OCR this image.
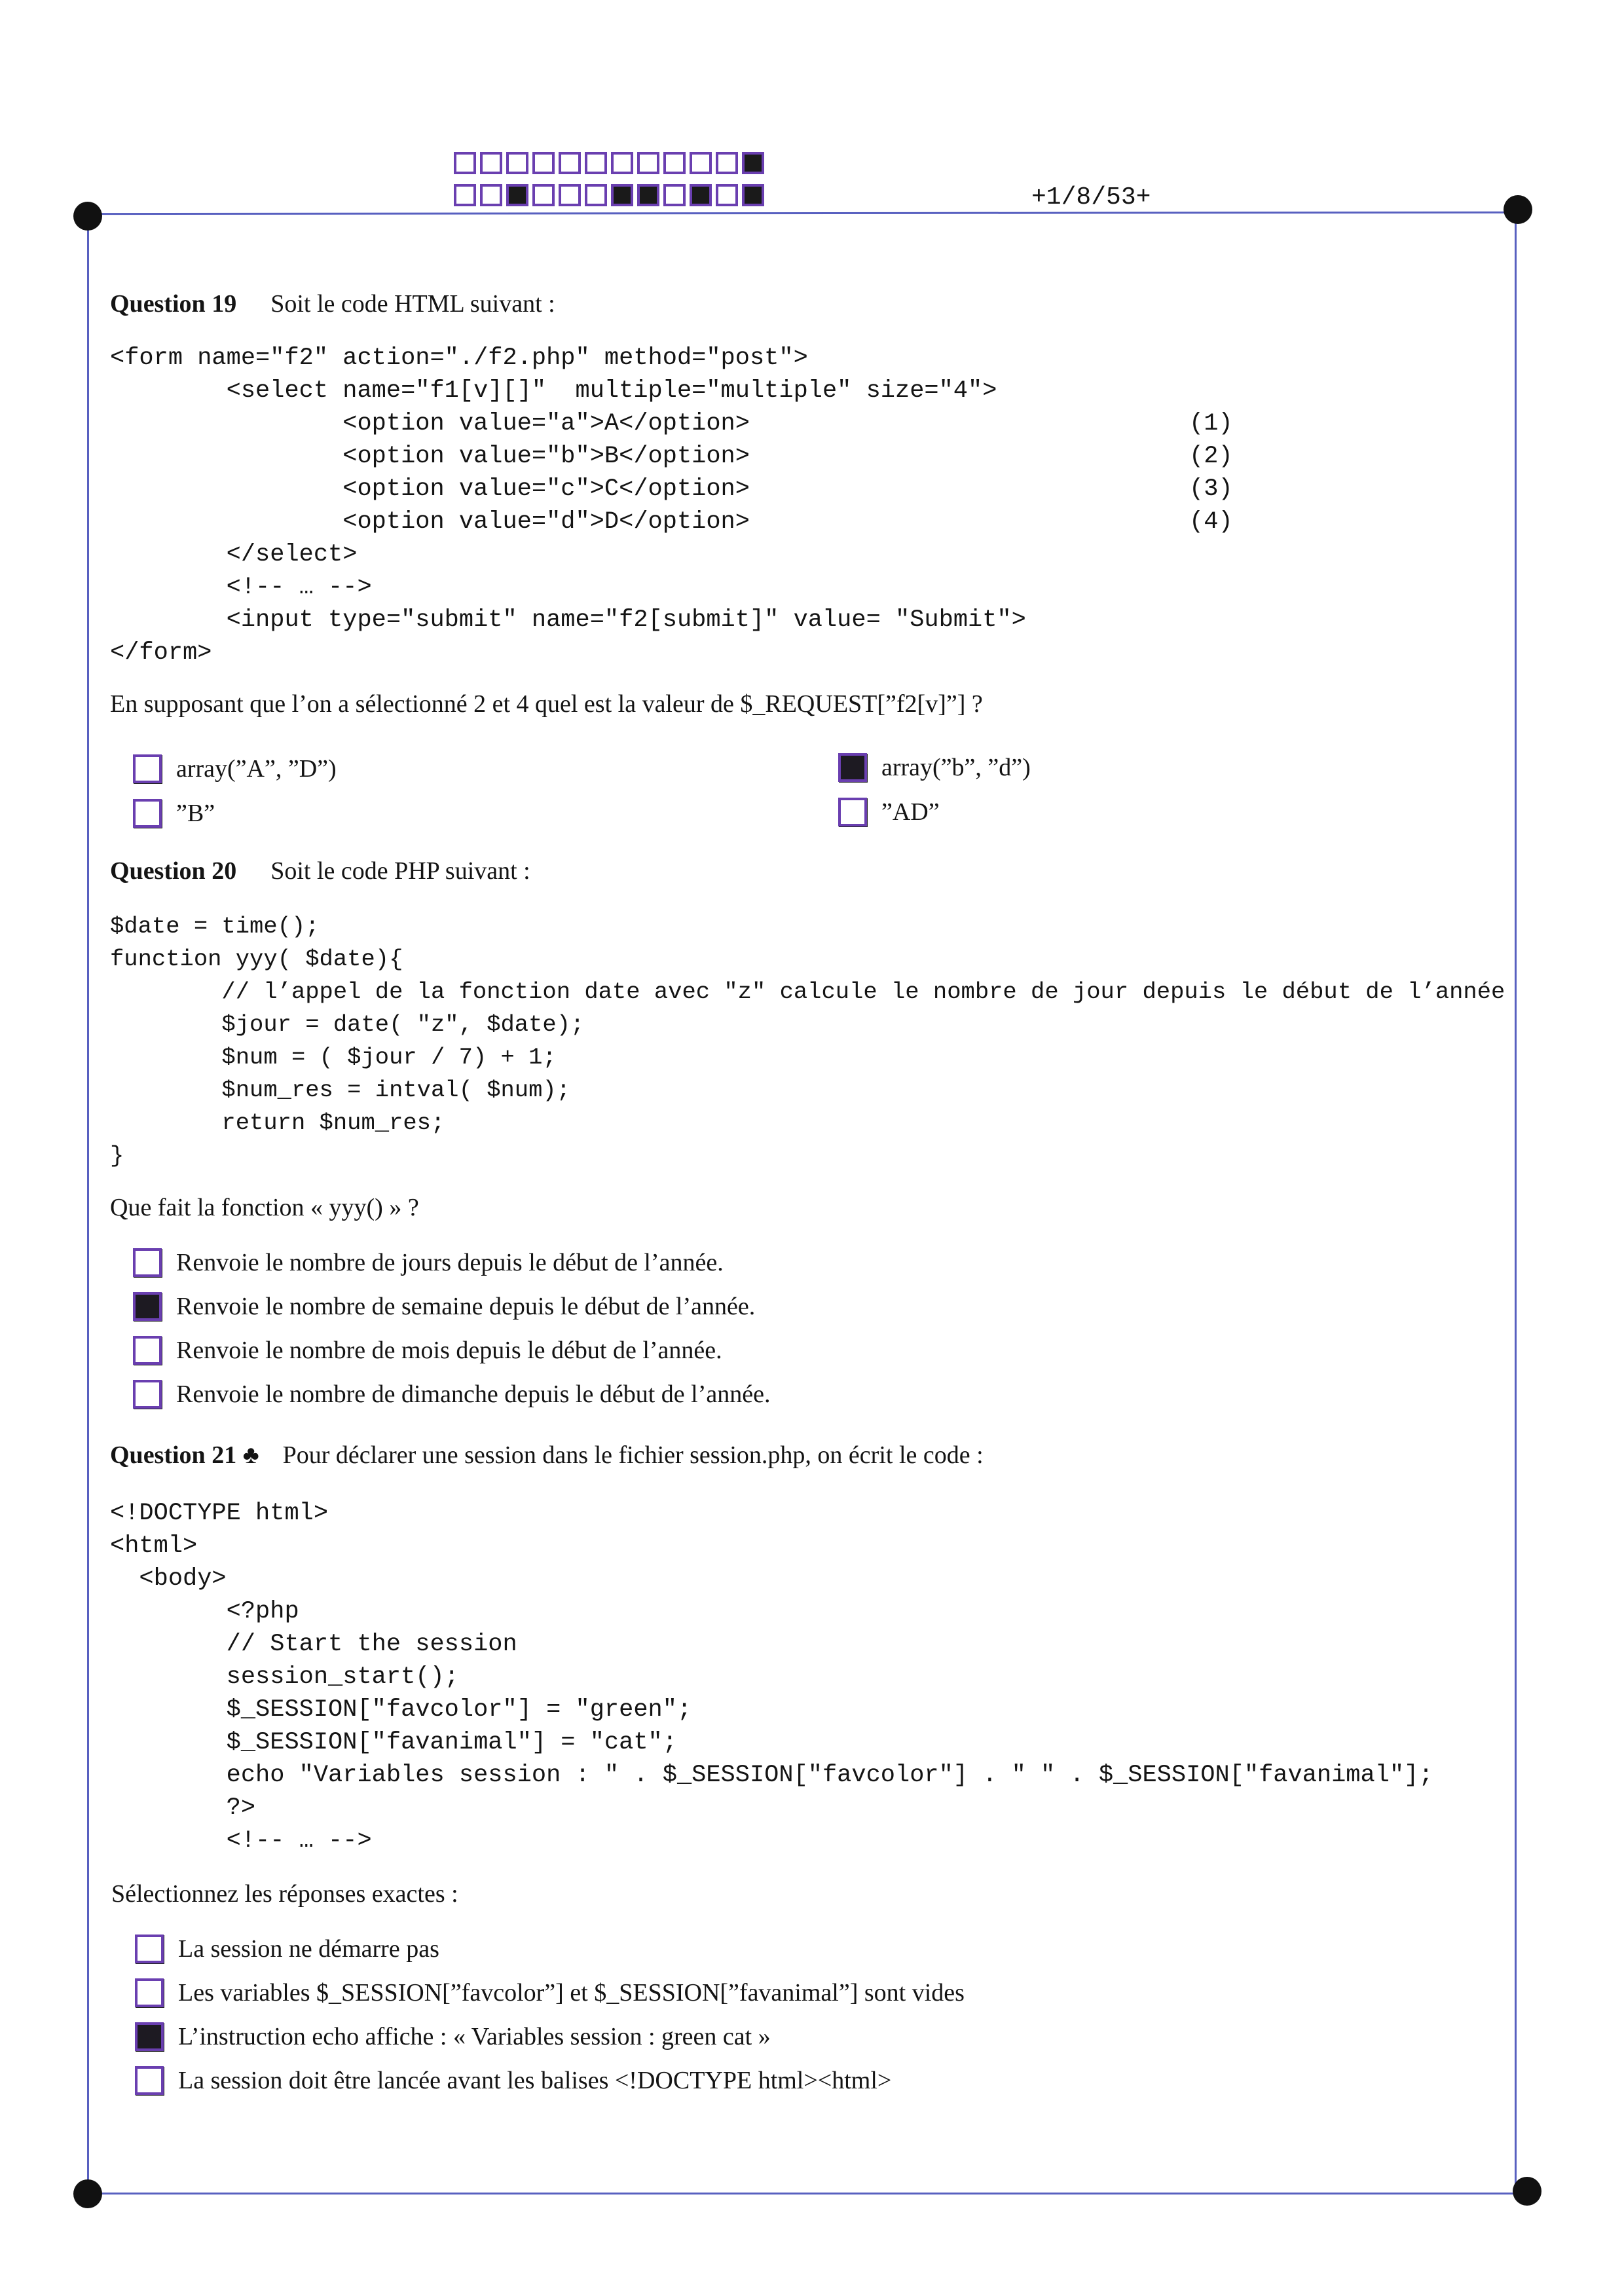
+1/8/53+
Question 19 Soit le code HTML suivant :
<form name="f2" action="./f2.php" method="post">
<select name="f1[v][]"  multiple="multiple" size="4">
<option value="a">A</option>
<option value="b">B</option>
<option value="c">C</option>
<option value="d">D</option>
</select>
<!-- … -->
<input type="submit" name="f2[submit]" value= "Submit">
</form>
(1)
(2)
(3)
(4)
En supposant que l’on a sélectionné 2 et 4 quel est la valeur de $_REQUEST[”f2[v]”] ?
array(”A”, ”D”)	array(”b”, ”d”)
”B”	”AD”
Question 20 Soit le code PHP suivant :
$date = time();
function yyy( $date){
// l’appel de la fonction date avec "z" calcule le nombre de jour depuis le début de l’année
$jour = date( "z", $date);
$num = ( $jour / 7) + 1;
$num_res = intval( $num);
return $num_res;
}
Que fait la fonction « yyy() » ?
Renvoie le nombre de jours depuis le début de l’année.
Renvoie le nombre de semaine depuis le début de l’année.
Renvoie le nombre de mois depuis le début de l’année.
Renvoie le nombre de dimanche depuis le début de l’année.
Question 21 ♣ Pour déclarer une session dans le fichier session.php, on écrit le code :
<!DOCTYPE html>
<html>
<body>
<?php
// Start the session
session_start();
$_SESSION["favcolor"] = "green";
$_SESSION["favanimal"] = "cat";
echo "Variables session : " . $_SESSION["favcolor"] . " " . $_SESSION["favanimal"];
?>
<!-- … -->
Sélectionnez les réponses exactes :
La session ne démarre pas
Les variables $_SESSION[”favcolor”] et $_SESSION[”favanimal”] sont vides
L’instruction echo affiche : « Variables session : green cat »
La session doit être lancée avant les balises <!DOCTYPE html><html>
